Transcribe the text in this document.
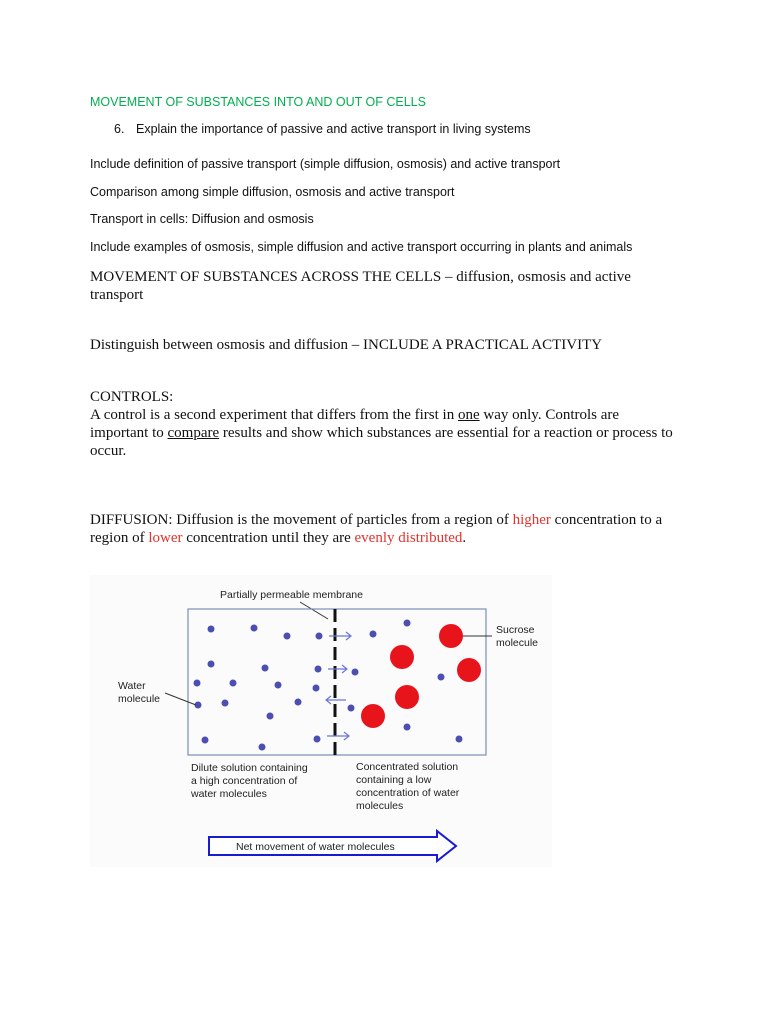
MOVEMENT OF SUBSTANCES INTO AND OUT OF CELLS
6. Explain the importance of passive and active transport in living systems
Include definition of passive transport (simple diffusion, osmosis) and active transport
Comparison among simple diffusion, osmosis and active transport
Transport in cells: Diffusion and osmosis
Include examples of osmosis, simple diffusion and active transport occurring in plants and animals
MOVEMENT OF SUBSTANCES ACROSS THE CELLS – diffusion, osmosis and active
transport
Distinguish between osmosis and diffusion – INCLUDE A PRACTICAL ACTIVITY
CONTROLS:
A control is a second experiment that differs from the first in one way only. Controls are
important to compare results and show which substances are essential for a reaction or process to
occur.
DIFFUSION: Diffusion is the movement of particles from a region of higher concentration to a
region of lower concentration until they are evenly distributed.
Partially permeable membrane
Sucrose
molecule
Water
molecule
Dilute solution containing
a high concentration of
water molecules
Concentrated solution
containing a low
concentration of water
molecules
Net movement of water molecules
